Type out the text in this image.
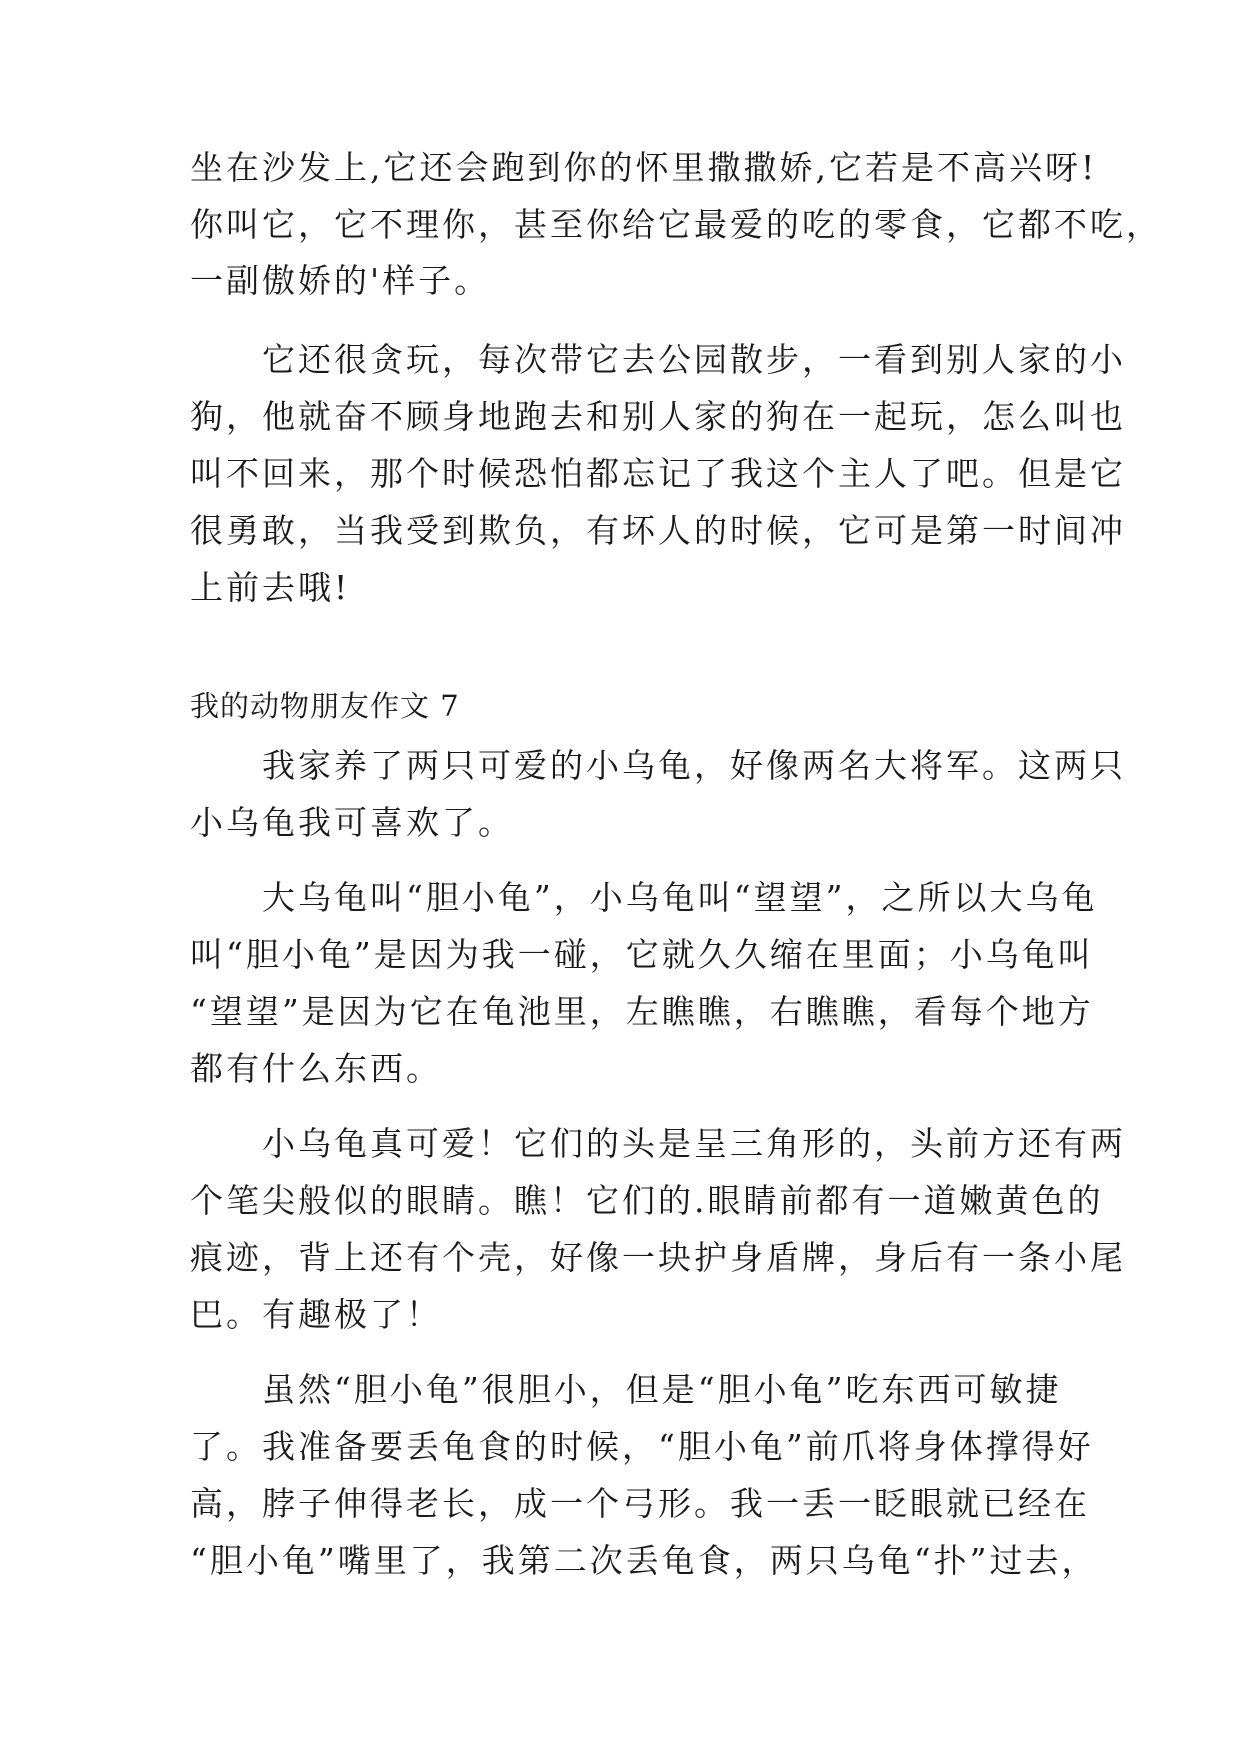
坐在沙发上,它还会跑到你的怀里撒撒娇,它若是不高兴呀!
你叫它，它不理你，甚至你给它最爱的吃的零食，它都不吃，
一副傲娇的'样子。
　　它还很贪玩，每次带它去公园散步，一看到别人家的小
狗，他就奋不顾身地跑去和别人家的狗在一起玩，怎么叫也
叫不回来，那个时候恐怕都忘记了我这个主人了吧。但是它
很勇敢，当我受到欺负，有坏人的时候，它可是第一时间冲
上前去哦!
我的动物朋友作文 7
　　我家养了两只可爱的小乌龟，好像两名大将军。这两只
小乌龟我可喜欢了。
　　大乌龟叫“胆小龟”，小乌龟叫“望望”，之所以大乌龟
叫“胆小龟”是因为我一碰，它就久久缩在里面；小乌龟叫
“望望”是因为它在龟池里，左瞧瞧，右瞧瞧，看每个地方
都有什么东西。
　　小乌龟真可爱！它们的头是呈三角形的，头前方还有两
个笔尖般似的眼睛。瞧！它们的.眼睛前都有一道嫩黄色的
痕迹，背上还有个壳，好像一块护身盾牌，身后有一条小尾
巴。有趣极了！
　　虽然“胆小龟”很胆小，但是“胆小龟”吃东西可敏捷
了。我准备要丢龟食的时候，“胆小龟”前爪将身体撑得好
高，脖子伸得老长，成一个弓形。我一丢一眨眼就已经在
“胆小龟”嘴里了，我第二次丢龟食，两只乌龟“扑”过去，
